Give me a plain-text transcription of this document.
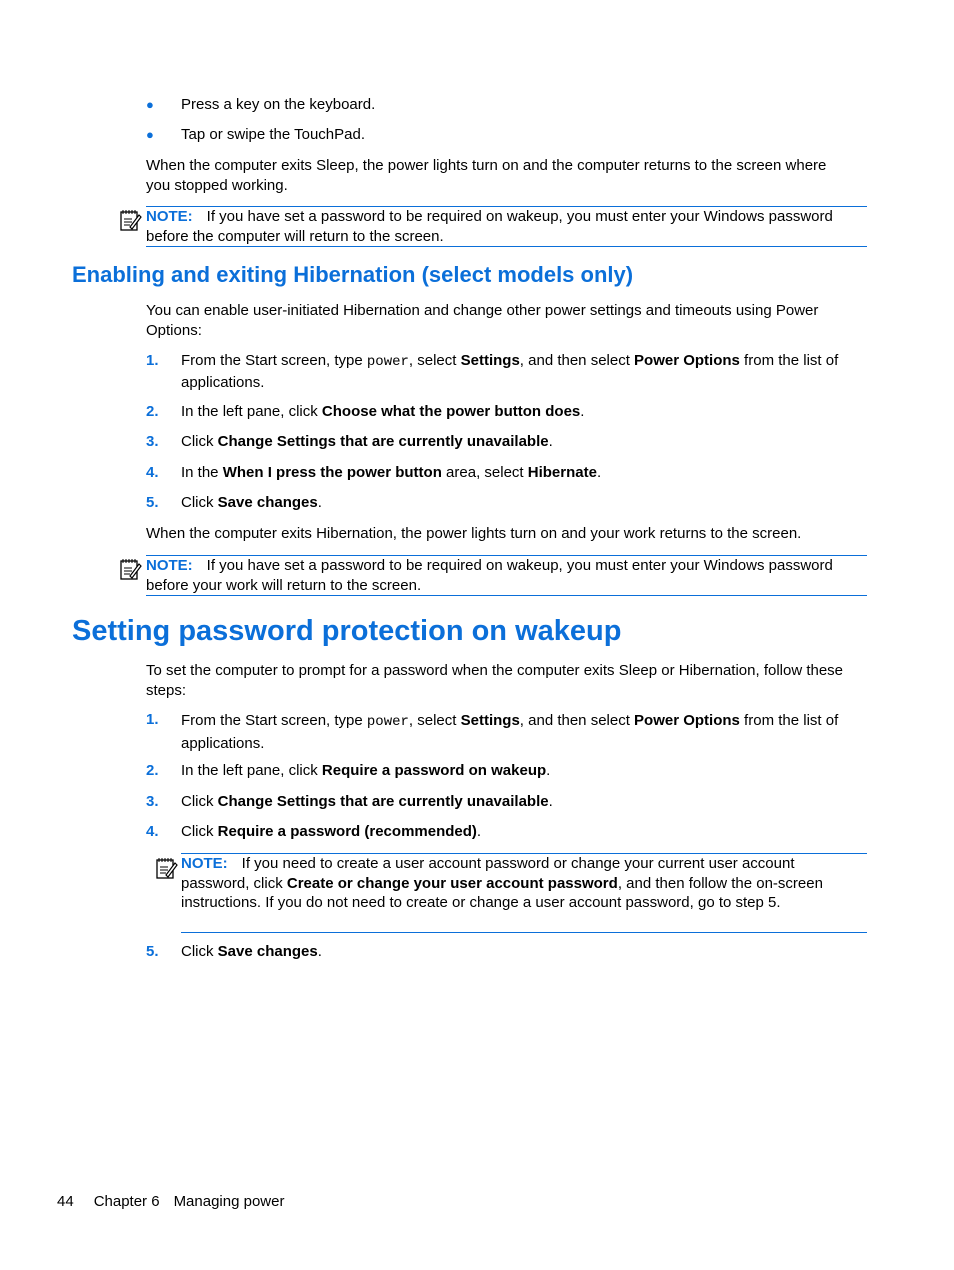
● Press a key on the keyboard.
● Tap or swipe the TouchPad.
When the computer exits Sleep, the power lights turn on and the computer returns to the screen where you stopped working.
NOTE: If you have set a password to be required on wakeup, you must enter your Windows password before the computer will return to the screen.
Enabling and exiting Hibernation (select models only)
You can enable user-initiated Hibernation and change other power settings and timeouts using Power Options:
1. From the Start screen, type power, select Settings, and then select Power Options from the list of applications.
2. In the left pane, click Choose what the power button does.
3. Click Change Settings that are currently unavailable.
4. In the When I press the power button area, select Hibernate.
5. Click Save changes.
When the computer exits Hibernation, the power lights turn on and your work returns to the screen.
NOTE: If you have set a password to be required on wakeup, you must enter your Windows password before your work will return to the screen.
Setting password protection on wakeup
To set the computer to prompt for a password when the computer exits Sleep or Hibernation, follow these steps:
1. From the Start screen, type power, select Settings, and then select Power Options from the list of applications.
2. In the left pane, click Require a password on wakeup.
3. Click Change Settings that are currently unavailable.
4. Click Require a password (recommended).
NOTE: If you need to create a user account password or change your current user account password, click Create or change your user account password, and then follow the on-screen instructions. If you do not need to create or change a user account password, go to step 5.
5. Click Save changes.
44 Chapter 6 Managing power
